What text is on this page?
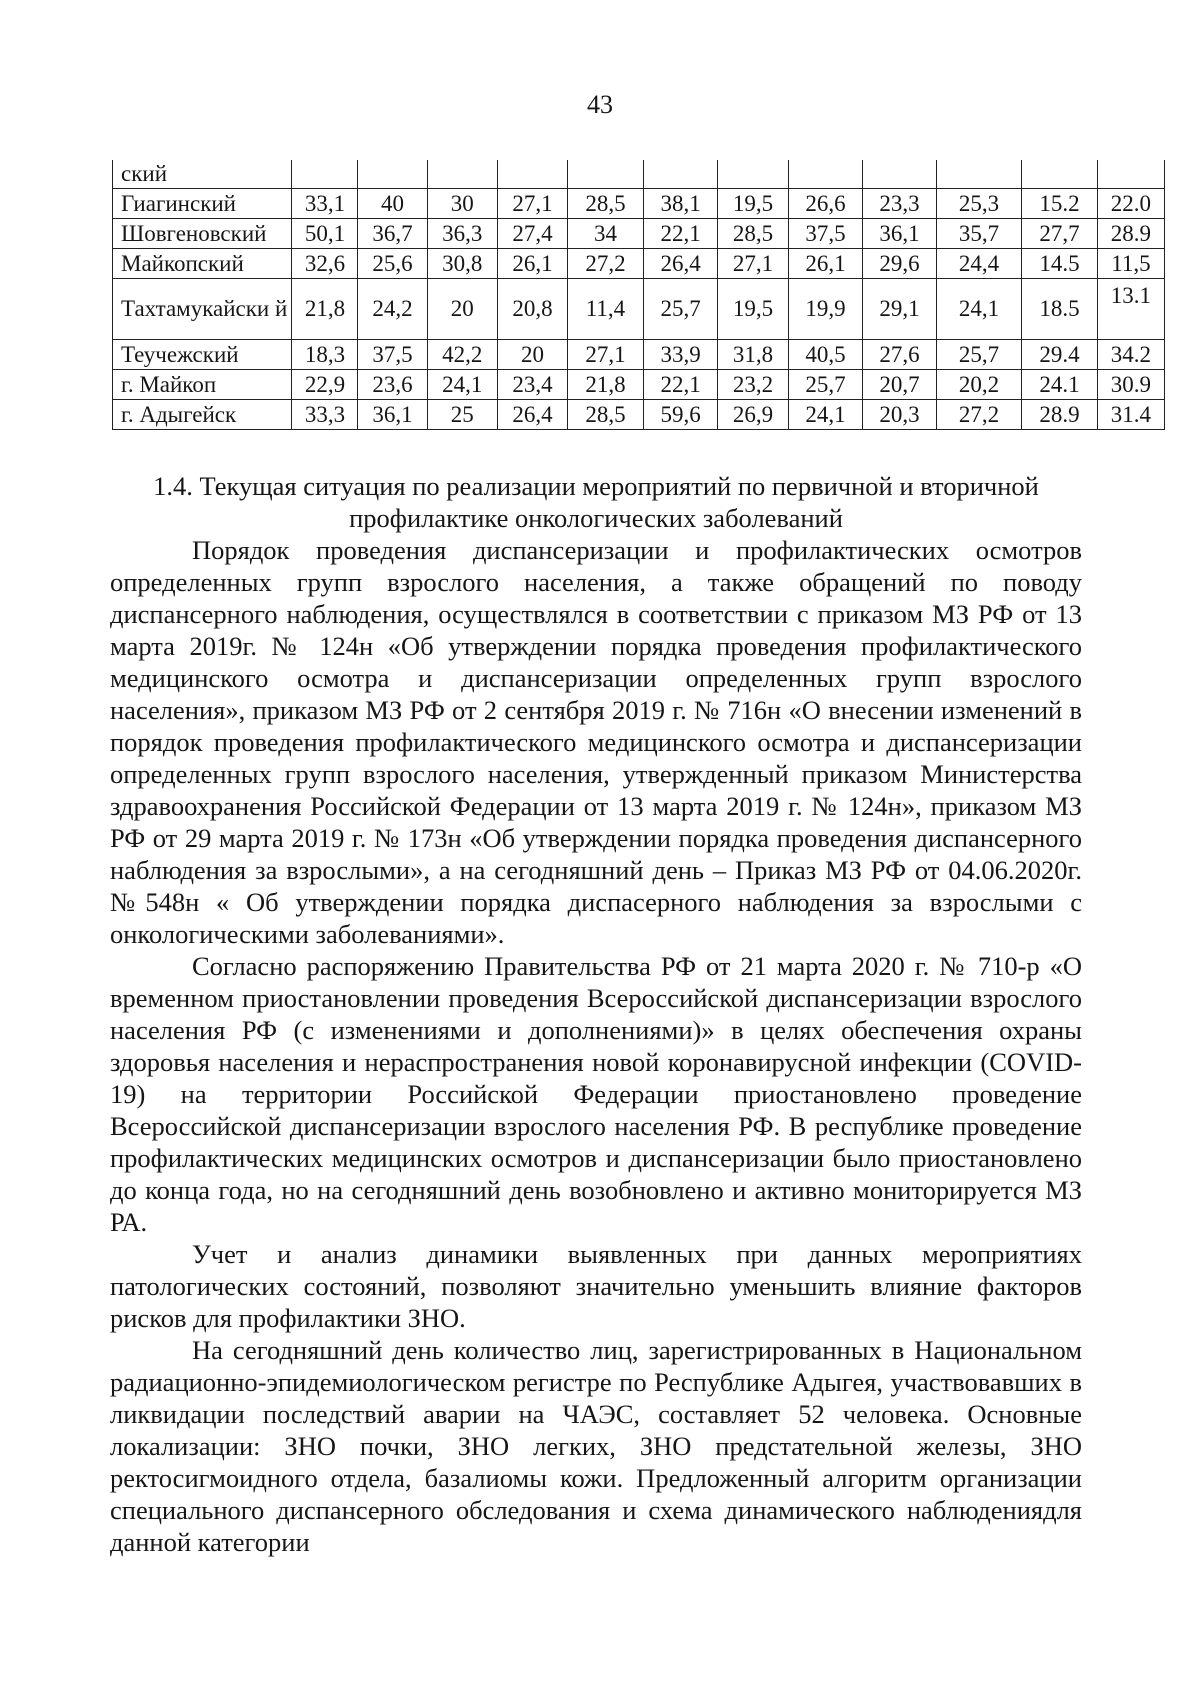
43
ский												
Гиагинский	33,1	40	30	27,1	28,5	38,1	19,5	26,6	23,3	25,3	15.2	22.0
Шовгеновский	50,1	36,7	36,3	27,4	34	22,1	28,5	37,5	36,1	35,7	27,7	28.9
Майкопский	32,6	25,6	30,8	26,1	27,2	26,4	27,1	26,1	29,6	24,4	14.5	11,5
Тахтамукайски й	21,8	24,2	20	20,8	11,4	25,7	19,5	19,9	29,1	24,1	18.5	13.1
Теучежский	18,3	37,5	42,2	20	27,1	33,9	31,8	40,5	27,6	25,7	29.4	34.2
г. Майкоп	22,9	23,6	24,1	23,4	21,8	22,1	23,2	25,7	20,7	20,2	24.1	30.9
г. Адыгейск	33,3	36,1	25	26,4	28,5	59,6	26,9	24,1	20,3	27,2	28.9	31.4

1.4. Текущая ситуация по реализации мероприятий по первичной и вторичной
профилактике онкологических заболеваний

Порядок проведения диспансеризации и профилактических осмотров определенных групп взрослого населения, а также обращений по поводу диспансерного наблюдения, осуществлялся в соответствии с приказом МЗ РФ от 13 марта 2019г. № 124н «Об утверждении порядка проведения профилактического медицинского осмотра и диспансеризации определенных групп взрослого населения», приказом МЗ РФ от 2 сентября 2019 г. № 716н «О внесении изменений в порядок проведения профилактического медицинского осмотра и диспансеризации определенных групп взрослого населения, утвержденный приказом Министерства здравоохранения Российской Федерации от 13 марта 2019 г. № 124н», приказом МЗ РФ от 29 марта 2019 г. № 173н «Об утверждении порядка проведения диспансерного наблюдения за взрослыми», а на сегодняшний день – Приказ МЗ РФ от 04.06.2020г. №548н « Об утверждении порядка диспасерного наблюдения за взрослыми с онкологическими заболеваниями».

Согласно распоряжению Правительства РФ от 21 марта 2020 г. № 710-р «О временном приостановлении проведения Всероссийской диспансеризации взрослого населения РФ (с изменениями и дополнениями)» в целях обеспечения охраны здоровья населения и нераспространения новой коронавирусной инфекции (COVID-19) на территории Российской Федерации приостановлено проведение Всероссийской диспансеризации взрослого населения РФ. В республике проведение профилактических медицинских осмотров и диспансеризации было приостановлено до конца года, но на сегодняшний день возобновлено и активно мониторируется МЗ РА.

Учет и анализ динамики выявленных при данных мероприятиях патологических состояний, позволяют значительно уменьшить влияние факторов рисков для профилактики ЗНО.

На сегодняшний день количество лиц, зарегистрированных в Национальном радиационно-эпидемиологическом регистре по Республике Адыгея, участвовавших в ликвидации последствий аварии на ЧАЭС, составляет 52 человека. Основные локализации: ЗНО почки, ЗНО легких, ЗНО предстательной железы, ЗНО ректосигмоидного отдела, базалиомы кожи. Предложенный алгоритм организации специального диспансерного обследования и схема динамического наблюдениядля данной категории
